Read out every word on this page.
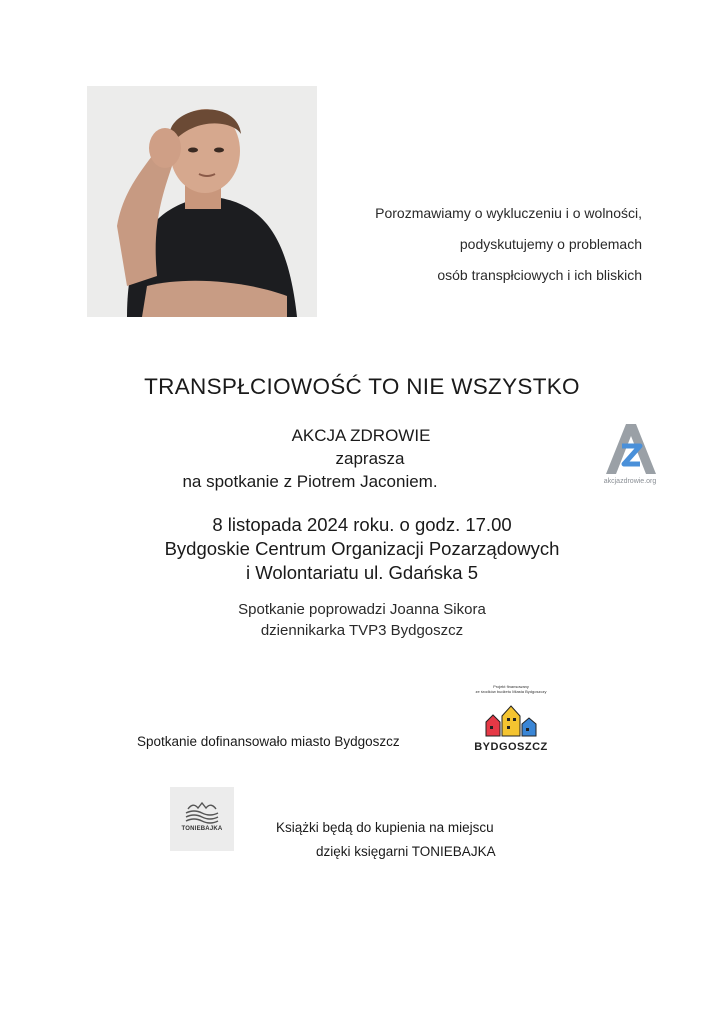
Porozmawiamy o wykluczeniu i o wolności,
podyskutujemy o problemach
osób transpłciowych i ich bliskich
TRANSPŁCIOWOŚĆ TO NIE WSZYSTKO
AKCJA ZDROWIE
zaprasza
na spotkanie z Piotrem Jaconiem.	akcjazdrowie.org
8 listopada 2024 roku. o godz. 17.00
Bydgoskie Centrum Organizacji Pozarządowych
i Wolontariatu ul. Gdańska 5
Spotkanie poprowadzi Joanna Sikora
dziennikarka TVP3 Bydgoszcz
Spotkanie dofinansowało miasto Bydgoszcz
Projekt finansowany
ze środków budżetu Miasta Bydgoszczy
BYDGOSZCZ
TONIEBAJKA	Książki będą do kupienia na miejscu
dzięki księgarni TONIEBAJKA
